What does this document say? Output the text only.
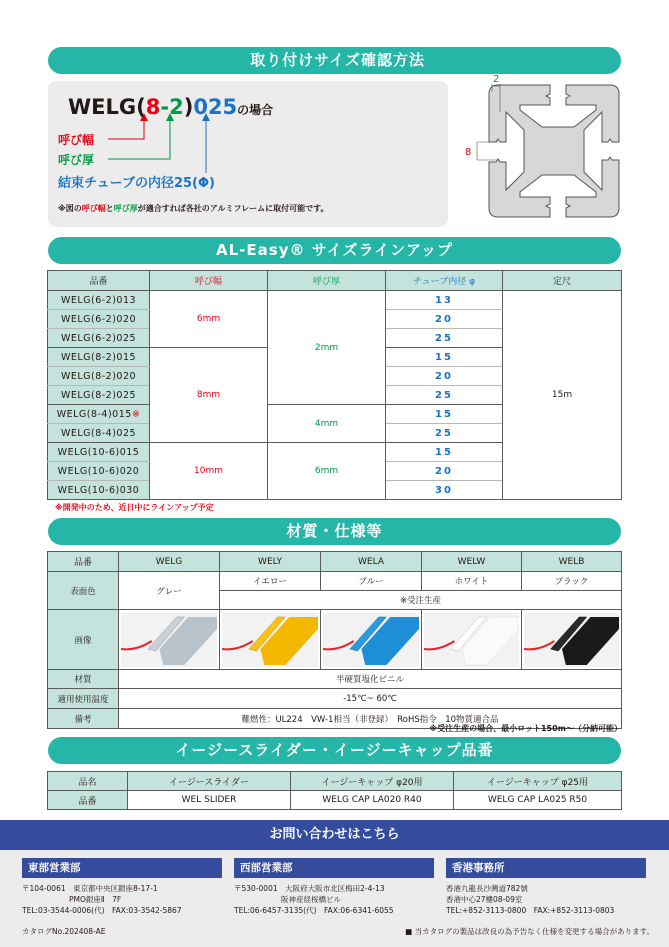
取り付けサイズ確認方法
WELG(8-2)025の場合
呼び幅
呼び厚
結束チューブの内径25(Φ)
※図の呼び幅と呼び厚が適合すれば各社のアルミフレームに取付可能です。
2
8
AL-Easy® サイズラインアップ
品番	呼び幅	呼び厚	チューブ内径 φ	定尺
WELG(6-2)013	6mm	2mm	13	15m
WELG(6-2)020			20	
WELG(6-2)025			25	
WELG(8-2)015	8mm		15	
WELG(8-2)020			20	
WELG(8-2)025			25	
WELG(8-4)015※		4mm	15	
WELG(8-4)025			25	
WELG(10-6)015	10mm	6mm	15	
WELG(10-6)020			20	
WELG(10-6)030			30	
※開発中のため、近日中にラインアップ予定
材質・仕様等
品番	WELG	WELY	WELA	WELW	WELB
表面色	グレー	イエロー	ブルー	ホワイト	ブラック
		※受注生産			
画像	

材質	半硬質塩化ビニル				
適用使用温度	-15℃~ 60℃				
備考	難燃性：UL224　VW-1相当（非登録）　RoHS指令　10物質適合品				
※受注生産の場合、最小ロット150m〜（分納可能）
イージースライダー・イージーキャップ品番
品名	イージースライダー	イージーキャップ φ20用	イージーキャップ φ25用
品番	WEL SLIDER	WELG CAP LA020 R40	WELG CAP LA025 R50
お問い合わせはこちら
東部営業部
〒104-0061　東京都中央区銀座8-17-1
PMO銀座Ⅱ　7F
TEL:03-3544-0006(代)　FAX:03-3542-5867
西部営業部
〒530-0001　大阪府大阪市北区梅田2-4-13
阪神産経桜橋ビル
TEL:06-6457-3135(代)　FAX:06-6341-6055
香港事務所
香港九龍長沙灣道782號
香港中心27樓08-09室
TEL:+852-3113-0800　FAX:+852-3113-0803
カタログNo.202408-AE	■ 当カタログの製品は改良の為予告なく仕様を変更する場合があります。
